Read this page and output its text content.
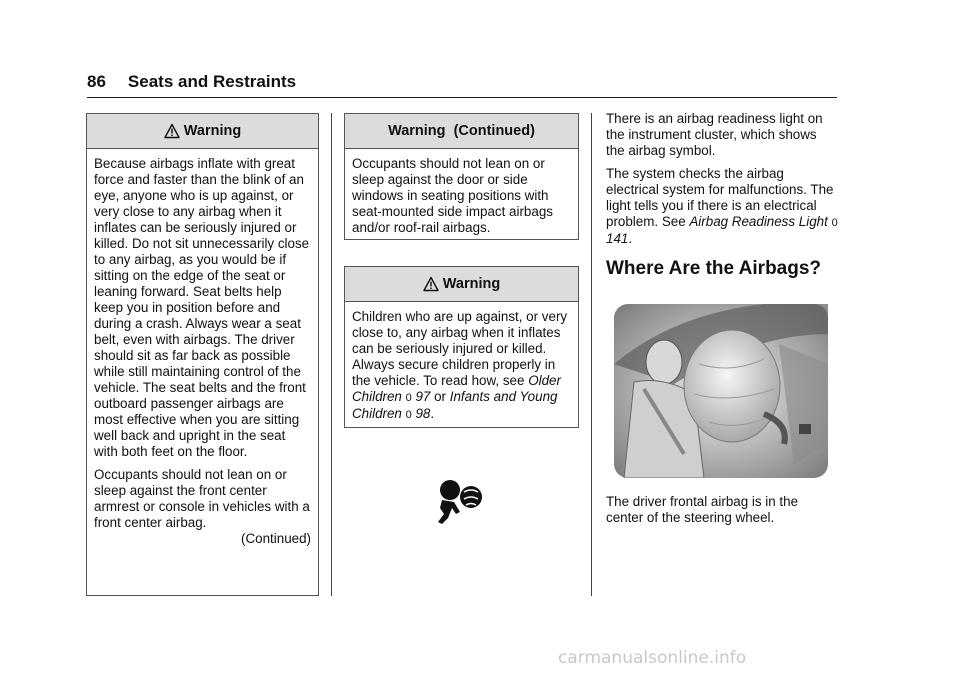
86 Seats and Restraints
Warning

Because airbags inflate with great force and faster than the blink of an eye, anyone who is up against, or very close to any airbag when it inflates can be seriously injured or killed. Do not sit unnecessarily close to any airbag, as you would be if sitting on the edge of the seat or leaning forward. Seat belts help keep you in position before and during a crash. Always wear a seat belt, even with airbags. The driver should sit as far back as possible while still maintaining control of the vehicle. The seat belts and the front outboard passenger airbags are most effective when you are sitting well back and upright in the seat with both feet on the floor.

Occupants should not lean on or sleep against the front center armrest or console in vehicles with a front center airbag.

(Continued)
Warning  (Continued)

Occupants should not lean on or sleep against the door or side windows in seating positions with seat-mounted side impact airbags and/or roof-rail airbags.

Warning

Children who are up against, or very close to, any airbag when it inflates can be seriously injured or killed. Always secure children properly in the vehicle. To read how, see Older Children 0 97 or Infants and Young Children 0 98.

There is an airbag readiness light on the instrument cluster, which shows the airbag symbol.

The system checks the airbag electrical system for malfunctions. The light tells you if there is an electrical problem. See Airbag Readiness Light 0 141.

Where Are the Airbags?
The driver frontal airbag is in the center of the steering wheel.
carmanualsonline.info
